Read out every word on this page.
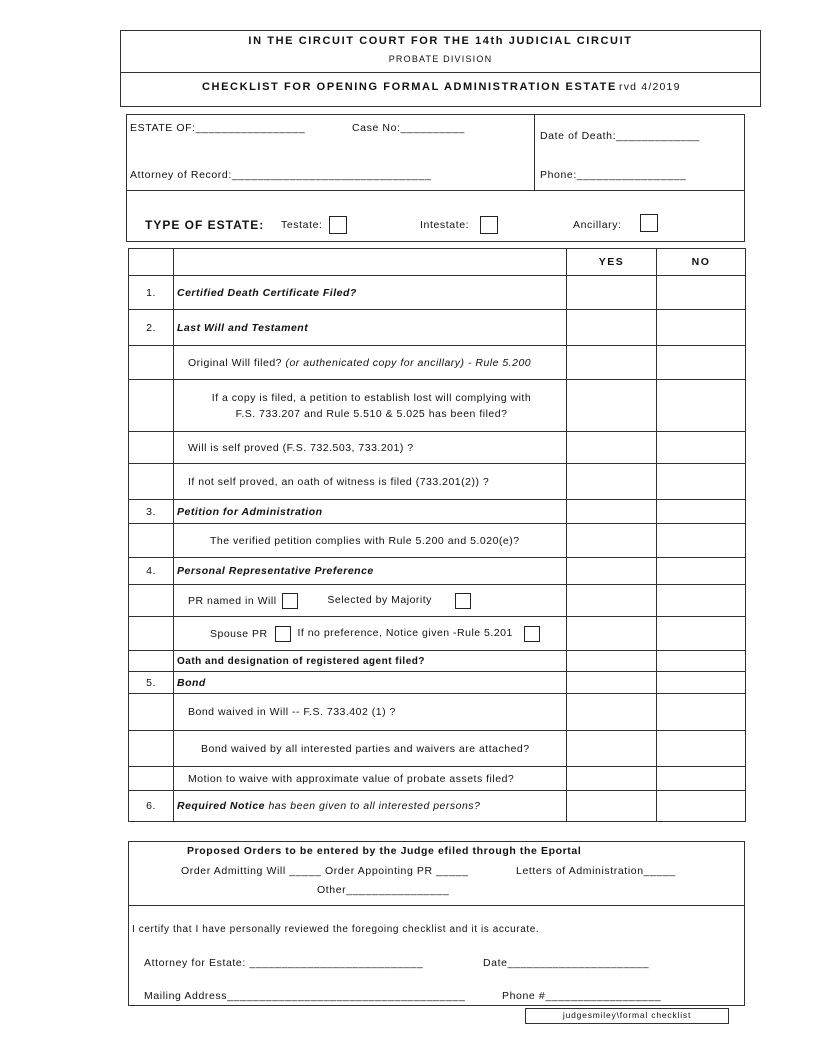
IN THE CIRCUIT COURT FOR THE 14th JUDICIAL CIRCUIT
PROBATE DIVISION
CHECKLIST FOR OPENING FORMAL ADMINISTRATION ESTATE rvd 4/2019
ESTATE OF:_________________	Case No:__________
Date of Death:_____________
Attorney of Record:_______________________________	Phone:_________________
TYPE OF ESTATE: Testate:	Intestate:	Ancillary:
		YES	NO
1.	Certified Death Certificate Filed?		
2.	Last Will and Testament		
	Original Will filed? (or authenicated copy for ancillary) - Rule 5.200		

	If a copy is filed, a petition to establish lost will complying with
F.S. 733.207 and Rule 5.510 & 5.025 has been filed?		

	Will is self proved (F.S. 732.503, 733.201) ?		
	If not self proved, an oath of witness is filed (733.201(2)) ?		
3.	Petition for Administration		
	The verified petition complies with Rule 5.200 and 5.020(e)?		
4.	Personal Representative Preference		
	PR named in Will Selected by Majority		
	Spouse PR If no preference, Notice given -Rule 5.201		
	Oath and designation of registered agent filed?		
5.	Bond		
	Bond waived in Will -- F.S. 733.402 (1) ?		
	Bond waived by all interested parties and waivers are attached?		
	Motion to waive with approximate value of probate assets filed?		
6.	Required Notice has been given to all interested persons?		
Proposed Orders to be entered by the Judge efiled through the Eportal
Order Admitting Will _____ Order Appointing PR _____	Letters of Administration_____
Other________________
I certify that I have personally reviewed the foregoing checklist and it is accurate.
Attorney for Estate: ___________________________	Date______________________
Mailing Address_____________________________________	Phone #__________________
judgesmiley\formal checklist
